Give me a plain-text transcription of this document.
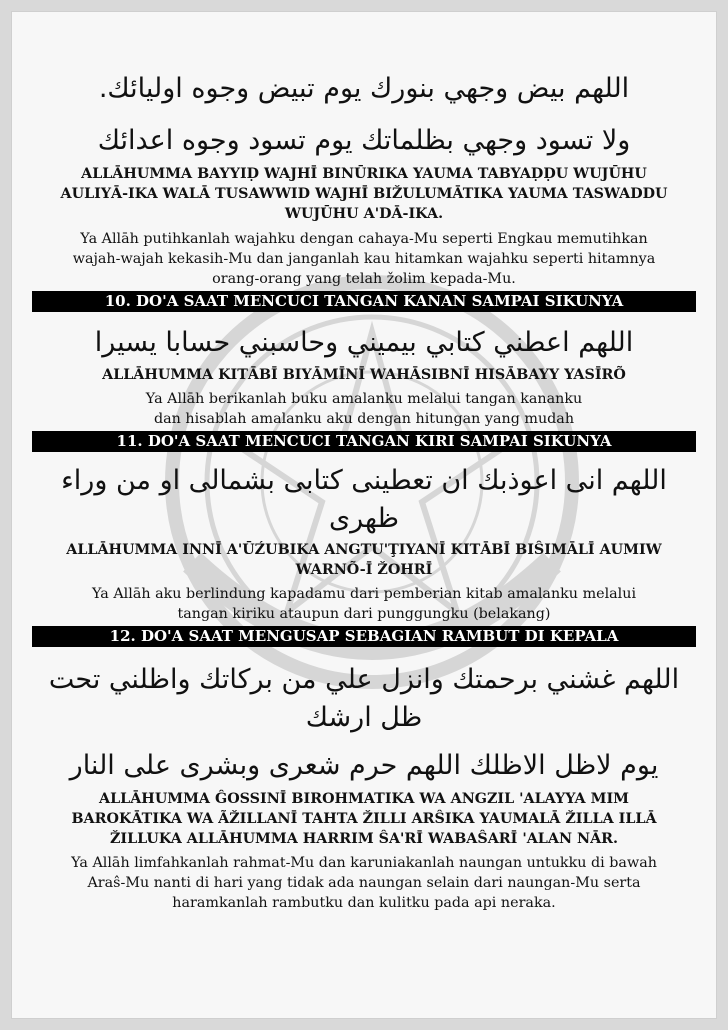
اللهم بيض وجهي بنورك يوم تبيض وجوه اوليائك.
ولا تسود وجهي بظلماتك يوم تسود وجوه اعدائك

ALLĀHUMMA BAYYIḌ WAJHĪ BINŪRIKA YAUMA TABYAḌḌU WUJŪHU
AULIYĀ-IKA WALĀ TUSAWWID WAJHĪ BIŽULUMĀTIKA YAUMA TASWADDU
WUJŪHU A'DĀ-IKA.

Ya Allāh putihkanlah wajahku dengan cahaya-Mu seperti Engkau memutihkan
wajah-wajah kekasih-Mu dan janganlah kau hitamkan wajahku seperti hitamnya
orang-orang yang telah žolim kepada-Mu.

10. DO'A SAAT MENCUCI TANGAN KANAN SAMPAI SIKUNYA

اللهم اعطني كتابي بيميني وحاسبني حسابا يسيرا

ALLĀHUMMA KITĀBĪ BIYĀMĪNĪ WAHĀSIBNĪ HISĀBAYY YASĪRÕ

Ya Allāh berikanlah buku amalanku melalui tangan kananku
dan hisablah amalanku aku dengan hitungan yang mudah

11. DO'A SAAT MENCUCI TANGAN KIRI SAMPAI SIKUNYA

اللهم انى اعوذبك ان تعطينى كتابى بشمالى او من وراء
ظهرى

ALLĀHUMMA INNĪ A'ŪŹUBIKA ANGTU'ŢIYANĪ KITĀBĪ BIŜIMĀLĪ AUMIW
WARNÕ-Ī ŽOHRĪ

Ya Allāh aku berlindung kapadamu dari pemberian kitab amalanku melalui
tangan kiriku ataupun dari punggungku (belakang)

12. DO'A SAAT MENGUSAP SEBAGIAN RAMBUT DI KEPALA

اللهم غشني برحمتك وانزل علي من بركاتك واظلني تحت
ظل ارشك
يوم لاظل الاظلك اللهم حرم شعرى وبشرى على النار

ALLĀHUMMA ĜOSSINĪ BIROHMATIKA WA ANGZIL 'ALAYYA MIM
BAROKĀTIKA WA ÃŽILLANĪ TAHTA ŽILLI ARŜIKA YAUMALĀ ŽILLA ILLĀ
ŽILLUKA ALLĀHUMMA HARRIM ŜA'RĪ WABAŜARĪ 'ALAN NĀR.

Ya Allāh limfahkanlah rahmat-Mu dan karuniakanlah naungan untukku di bawah
Araŝ-Mu nanti di hari yang tidak ada naungan selain dari naungan-Mu serta
haramkanlah rambutku dan kulitku pada api neraka.
